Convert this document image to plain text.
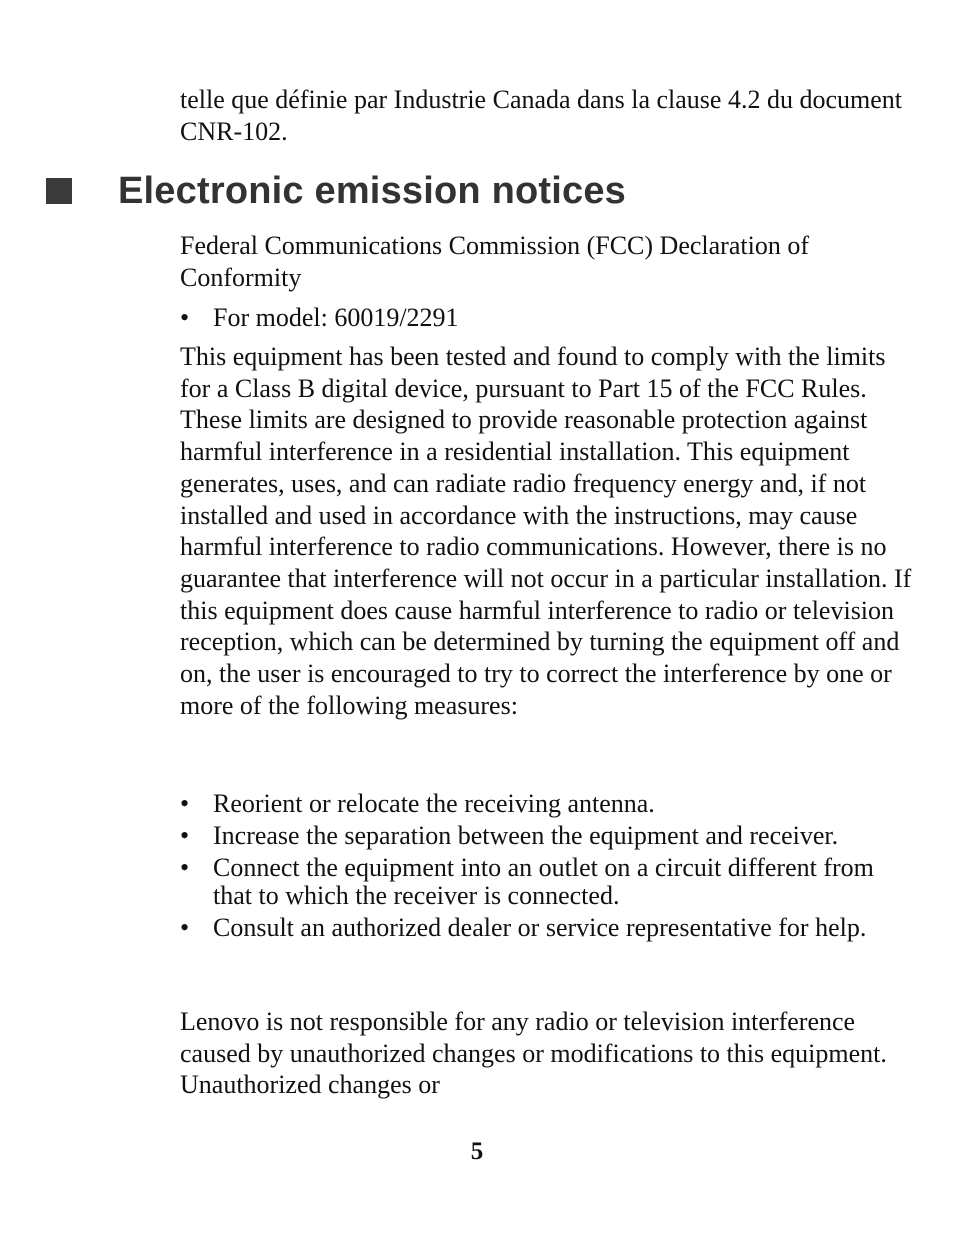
telle que définie par Industrie Canada dans la clause 4.2 du document CNR-102.

Electronic emission notices

Federal Communications Commission (FCC) Declaration of Conformity

• For model: 60019/2291

This equipment has been tested and found to comply with the limits for a Class B digital device, pursuant to Part 15 of the FCC Rules. These limits are designed to provide reasonable protection against harmful interference in a residential installation. This equipment generates, uses, and can radiate radio frequency energy and, if not installed and used in accordance with the instructions, may cause harmful interference to radio communications. However, there is no guarantee that interference will not occur in a particular installation. If this equipment does cause harmful interference to radio or television reception, which can be determined by turning the equipment off and on, the user is encouraged to try to correct the interference by one or more of the following measures:

• Reorient or relocate the receiving antenna.
• Increase the separation between the equipment and receiver.
• Connect the equipment into an outlet on a circuit different from that to which the receiver is connected.
• Consult an authorized dealer or service representative for help.

Lenovo is not responsible for any radio or television interference caused by unauthorized changes or modifications to this equipment. Unauthorized changes or

5
